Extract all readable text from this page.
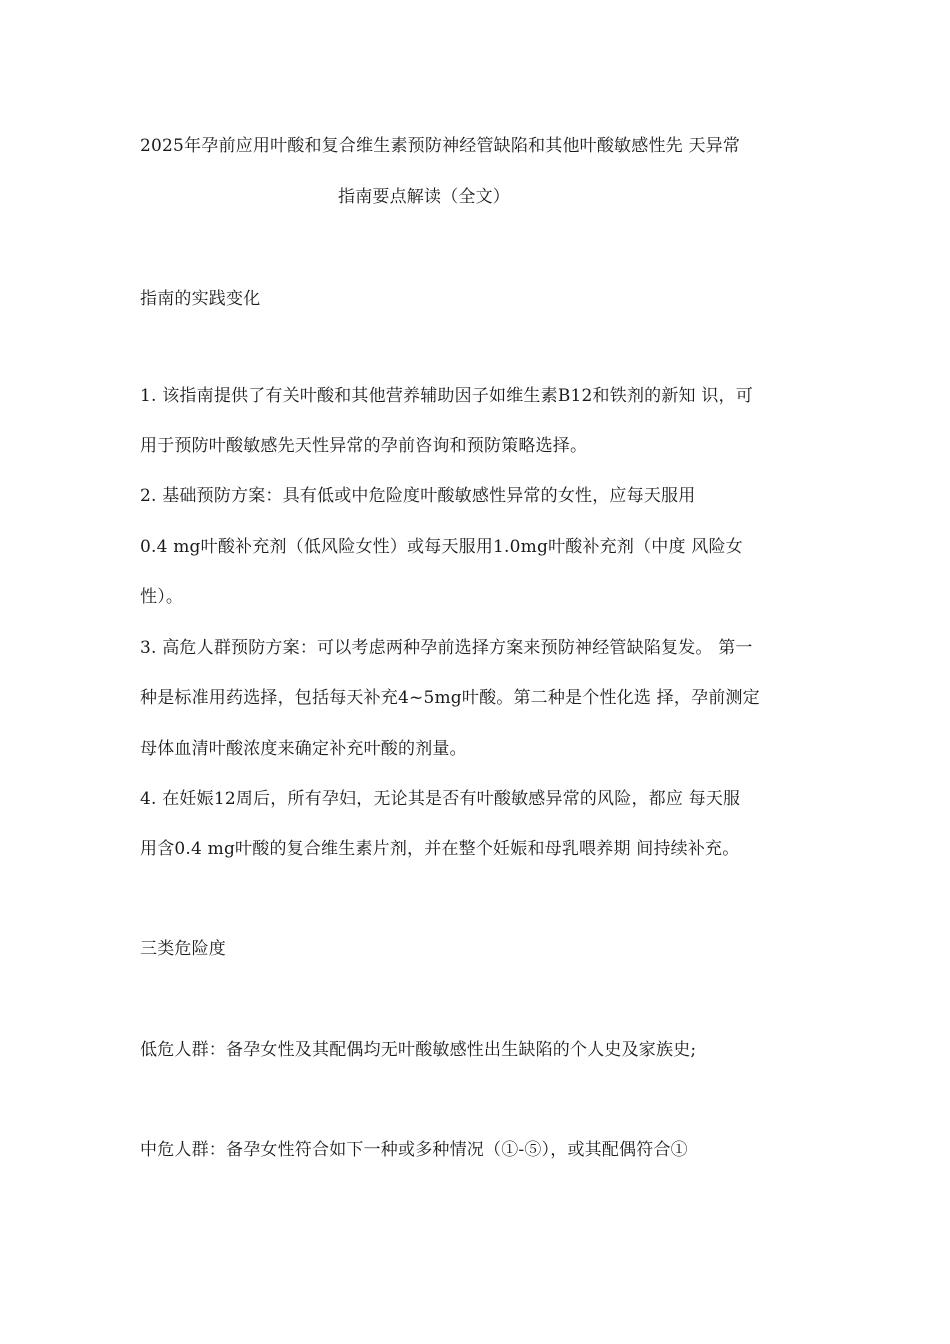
2025年孕前应用叶酸和复合维生素预防神经管缺陷和其他叶酸敏感性先 天异常
指南要点解读（全文）
指南的实践变化
1. 该指南提供了有关叶酸和其他营养辅助因子如维生素B12和铁剂的新知 识，可
用于预防叶酸敏感先天性异常的孕前咨询和预防策略选择。
2. 基础预防方案：具有低或中危险度叶酸敏感性异常的女性，应每天服用
0.4 mg叶酸补充剂（低风险女性）或每天服用1.0mg叶酸补充剂（中度 风险女
性）。
3. 高危人群预防方案：可以考虑两种孕前选择方案来预防神经管缺陷复发。 第一
种是标准用药选择，包括每天补充4~5mg叶酸。第二种是个性化选 择，孕前测定
母体血清叶酸浓度来确定补充叶酸的剂量。
4. 在妊娠12周后，所有孕妇，无论其是否有叶酸敏感异常的风险，都应 每天服
用含0.4 mg叶酸的复合维生素片剂，并在整个妊娠和母乳喂养期 间持续补充。
三类危险度
低危人群：备孕女性及其配偶均无叶酸敏感性出生缺陷的个人史及家族史;
中危人群：备孕女性符合如下一种或多种情况（①-⑤），或其配偶符合①
